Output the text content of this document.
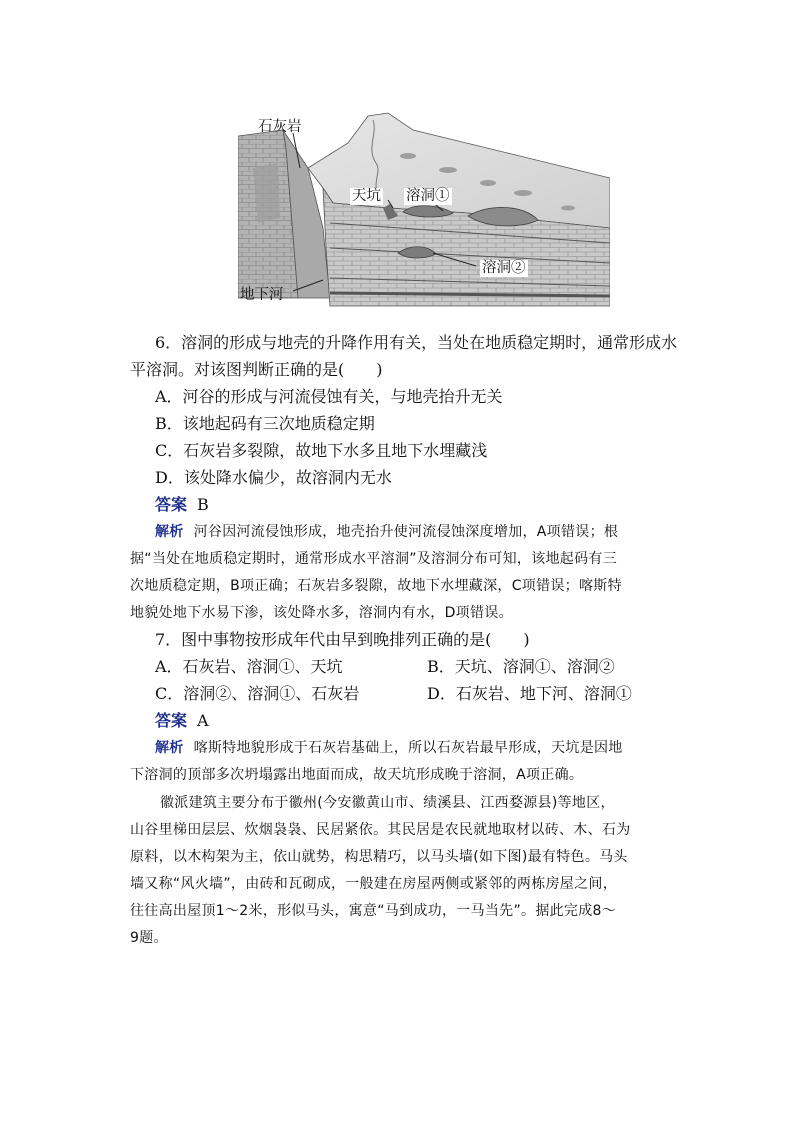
石灰岩
天坑 溶洞①
溶洞②
地下河
6．溶洞的形成与地壳的升降作用有关，当处在地质稳定期时，通常形成水
平溶洞。对该图判断正确的是(　　)
A．河谷的形成与河流侵蚀有关，与地壳抬升无关
B．该地起码有三次地质稳定期
C．石灰岩多裂隙，故地下水多且地下水埋藏浅
D．该处降水偏少，故溶洞内无水
答案 B
解析 河谷因河流侵蚀形成，地壳抬升使河流侵蚀深度增加，A项错误；根
据“当处在地质稳定期时，通常形成水平溶洞”及溶洞分布可知，该地起码有三
次地质稳定期，B项正确；石灰岩多裂隙，故地下水埋藏深，C项错误；喀斯特
地貌处地下水易下渗，该处降水多，溶洞内有水，D项错误。
7．图中事物按形成年代由早到晚排列正确的是(　　)
A．石灰岩、溶洞①、天坑	B．天坑、溶洞①、溶洞②
C．溶洞②、溶洞①、石灰岩	D．石灰岩、地下河、溶洞①
答案 A
解析 喀斯特地貌形成于石灰岩基础上，所以石灰岩最早形成，天坑是因地
下溶洞的顶部多次坍塌露出地面而成，故天坑形成晚于溶洞，A项正确。
徽派建筑主要分布于徽州(今安徽黄山市、绩溪县、江西婺源县)等地区，
山谷里梯田层层、炊烟袅袅、民居紧依。其民居是农民就地取材以砖、木、石为
原料，以木构架为主，依山就势，构思精巧，以马头墙(如下图)最有特色。马头
墙又称“风火墙”，由砖和瓦砌成，一般建在房屋两侧或紧邻的两栋房屋之间，
往往高出屋顶1～2米，形似马头，寓意“马到成功，一马当先”。据此完成8～
9题。
